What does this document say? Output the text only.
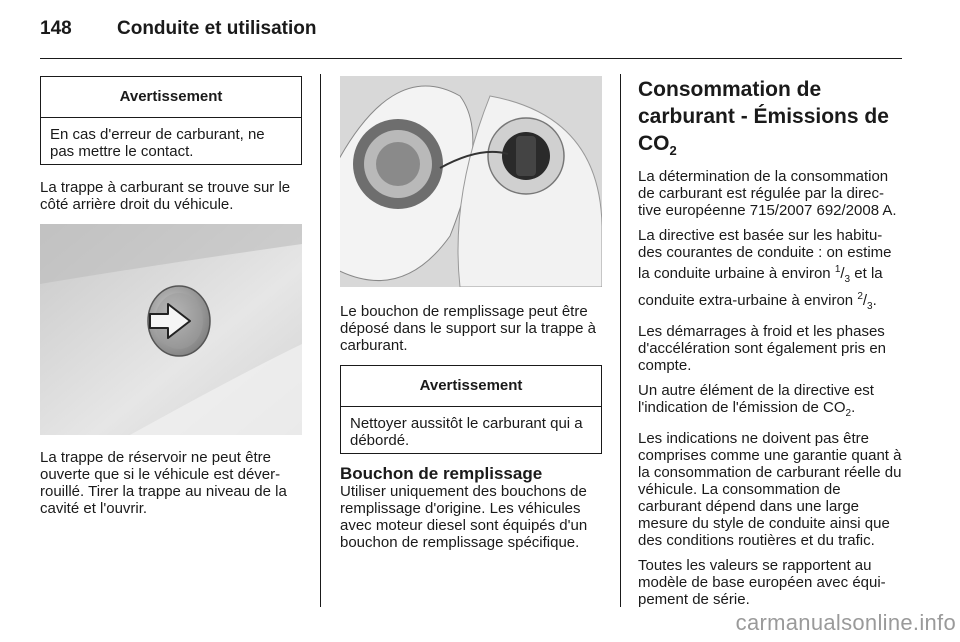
148 Conduite et utilisation
Avertissement
En cas d'erreur de carburant, ne pas mettre le contact.

La trappe à carburant se trouve sur le côté arrière droit du véhicule.

La trappe de réservoir ne peut être ouverte que si le véhicule est déver- rouillé. Tirer la trappe au niveau de la cavité et l'ouvrir.

Le bouchon de remplissage peut être déposé dans le support sur la trappe à carburant.

Avertissement
Nettoyer aussitôt le carburant qui a débordé.

Bouchon de remplissage

Utiliser uniquement des bouchons de remplissage d'origine. Les véhicules avec moteur diesel sont équipés d'un bouchon de remplissage spécifique.

Consommation de

carburant - Émissions de

$CO_2$

La détermination de la consommation de carburant est régulée par la direc- tive européenne 715/2007 692/2008 A.

La directive est basée sur les habitu- des courantes de conduite : on estime la conduite urbaine à environ $^1/_3$ et la conduite extra-urbaine à environ $^2/_3$.

Les démarrages à froid et les phases d'accélération sont également pris en compte.

Un autre élément de la directive est l'indication de l'émission de $CO_2$.

Les indications ne doivent pas être comprises comme une garantie quant à la consommation de carburant réelle du véhicule. La consommation de carburant dépend dans une large mesure du style de conduite ainsi que des conditions routières et du trafic.

Toutes les valeurs se rapportent au modèle de base européen avec équi- pement de série.

carmanualsonline.info
